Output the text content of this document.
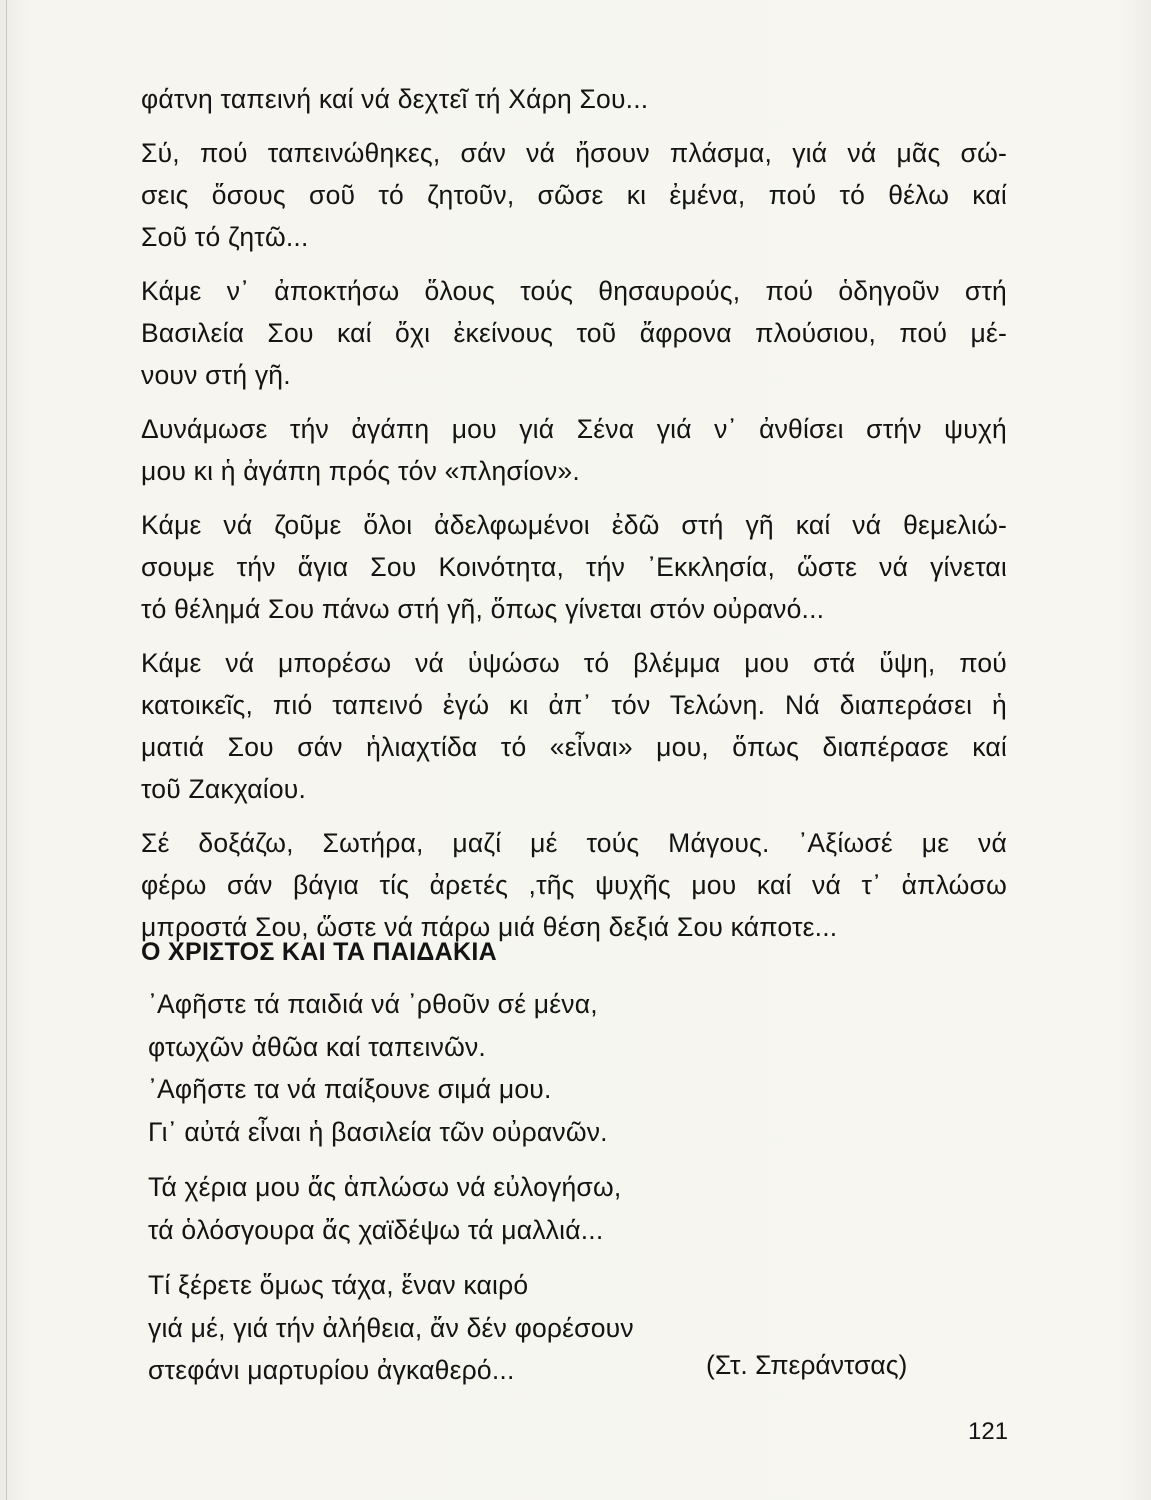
φάτνη ταπεινή καί νά δεχτεῖ τή Χάρη Σου...

Σύ, πού ταπεινώθηκες, σάν νά ἤσουν πλάσμα, γιά νά μᾶς σώ-
σεις ὅσους σοῦ τό ζητοῦν, σῶσε κι ἐμένα, πού τό θέλω καί
Σοῦ τό ζητῶ...

Κάμε ν᾽ ἀποκτήσω ὅλους τούς θησαυρούς, πού ὁδηγοῦν στή
Βασιλεία Σου καί ὄχι ἐκείνους τοῦ ἄφρονα πλούσιου, πού μέ-
νουν στή γῆ.

Δυνάμωσε τήν ἀγάπη μου γιά Σένα γιά ν᾽ ἀνθίσει στήν ψυχή
μου κι ἡ ἀγάπη πρός τόν «πλησίον».

Κάμε νά ζοῦμε ὅλοι ἀδελφωμένοι ἐδῶ στή γῆ καί νά θεμελιώ-
σουμε τήν ἅγια Σου Κοινότητα, τήν ᾽Εκκλησία, ὥστε νά γίνεται
τό θέλημά Σου πάνω στή γῆ, ὅπως γίνεται στόν οὐρανό...

Κάμε νά μπορέσω νά ὑψώσω τό βλέμμα μου στά ὕψη, πού
κατοικεῖς, πιό ταπεινό ἐγώ κι ἀπ᾽ τόν Τελώνη. Νά διαπεράσει ἡ
ματιά Σου σάν ἡλιαχτίδα τό «εἶναι» μου, ὅπως διαπέρασε καί
τοῦ Ζακχαίου.

Σέ δοξάζω, Σωτήρα, μαζί μέ τούς Μάγους. ᾽Αξίωσέ με νά
φέρω σάν βάγια τίς ἀρετές ,τῆς ψυχῆς μου καί νά τ᾽ ἁπλώσω
μπροστά Σου, ὥστε νά πάρω μιά θέση δεξιά Σου κάποτε...

Ο ΧΡΙΣΤΟΣ ΚΑΙ ΤΑ ΠΑΙΔΑΚΙΑ
᾽Αφῆστε τά παιδιά νά ᾽ρθοῦν σέ μένα,
φτωχῶν ἀθῶα καί ταπεινῶν.
᾽Αφῆστε τα νά παίξουνε σιμά μου.
Γι᾽ αὐτά εἶναι ἡ βασιλεία τῶν οὐρανῶν.
Τά χέρια μου ἄς ἁπλώσω νά εὐλογήσω,
τά ὁλόσγουρα ἄς χαϊδέψω τά μαλλιά...
Τί ξέρετε ὅμως τάχα, ἕναν καιρό
γιά μέ, γιά τήν ἀλήθεια, ἄν δέν φορέσουν
στεφάνι μαρτυρίου ἀγκαθερό...	(Στ. Σπεράντσας)
121
